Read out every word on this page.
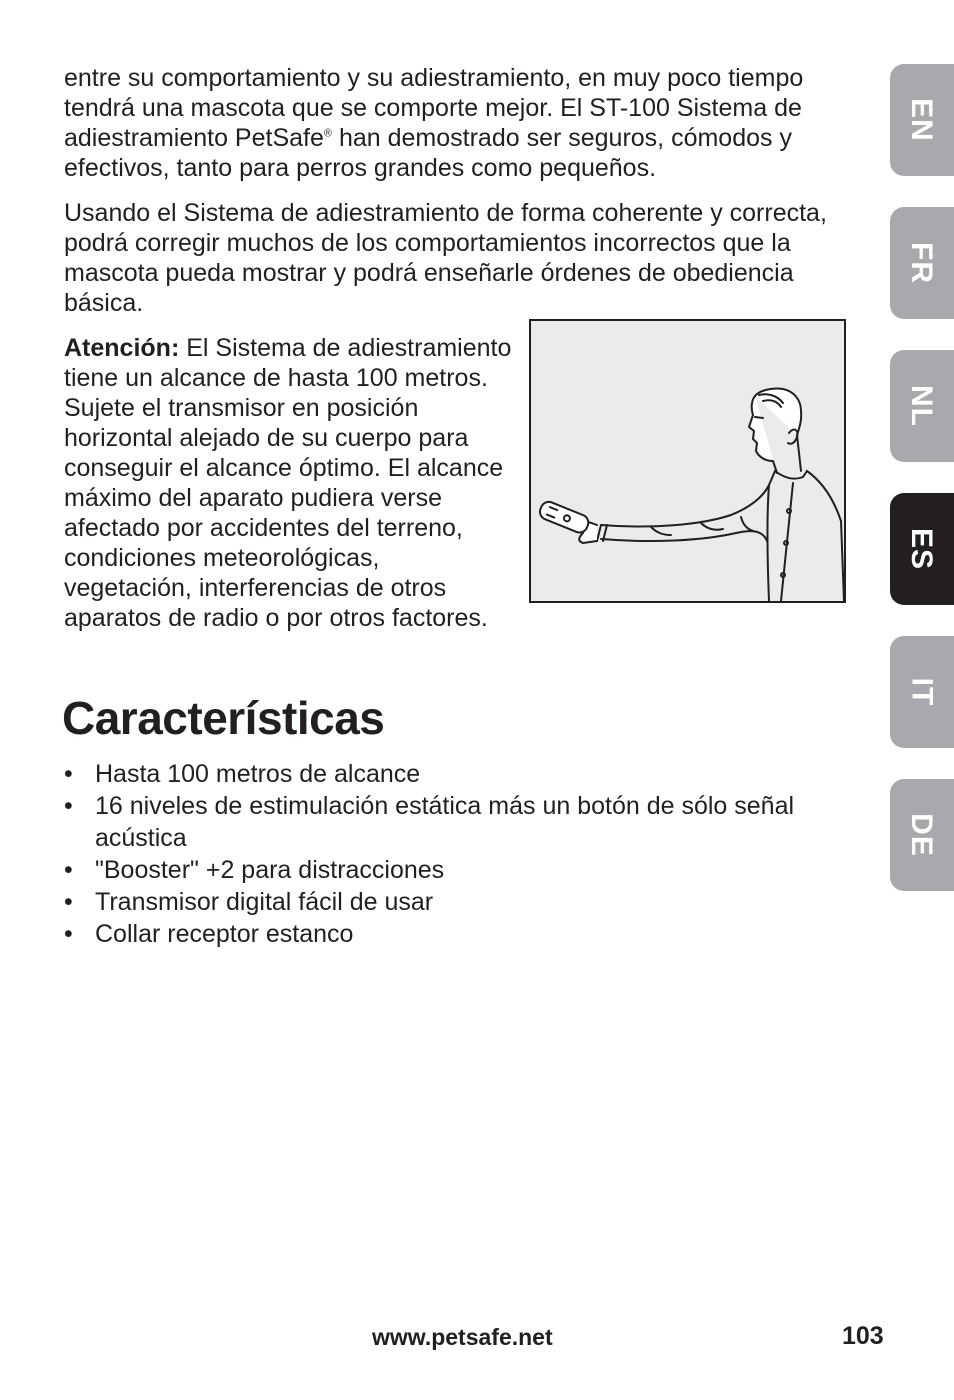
entre su comportamiento y su adiestramiento, en muy poco tiempo tendrá una mascota que se comporte mejor. El ST-100 Sistema de adiestramiento PetSafe® han demostrado ser seguros, cómodos y efectivos, tanto para perros grandes como pequeños.

Usando el Sistema de adiestramiento de forma coherente y correcta, podrá corregir muchos de los comportamientos incorrectos que la mascota pueda mostrar y podrá enseñarle órdenes de obediencia básica.

Atención: El Sistema de adiestramiento tiene un alcance de hasta 100 metros. Sujete el transmisor en posición horizontal alejado de su cuerpo para conseguir el alcance óptimo. El alcance máximo del aparato pudiera verse afectado por accidentes del terreno, condiciones meteorológicas, vegetación, interferencias de otros aparatos de radio o por otros factores.

Características
• Hasta 100 metros de alcance
• 16 niveles de estimulación estática más un botón de sólo señal acústica
• "Booster" +2 para distracciones
• Transmisor digital fácil de usar
• Collar receptor estanco
EN
FR
NL
ES
IT
DE
www.petsafe.net	103
